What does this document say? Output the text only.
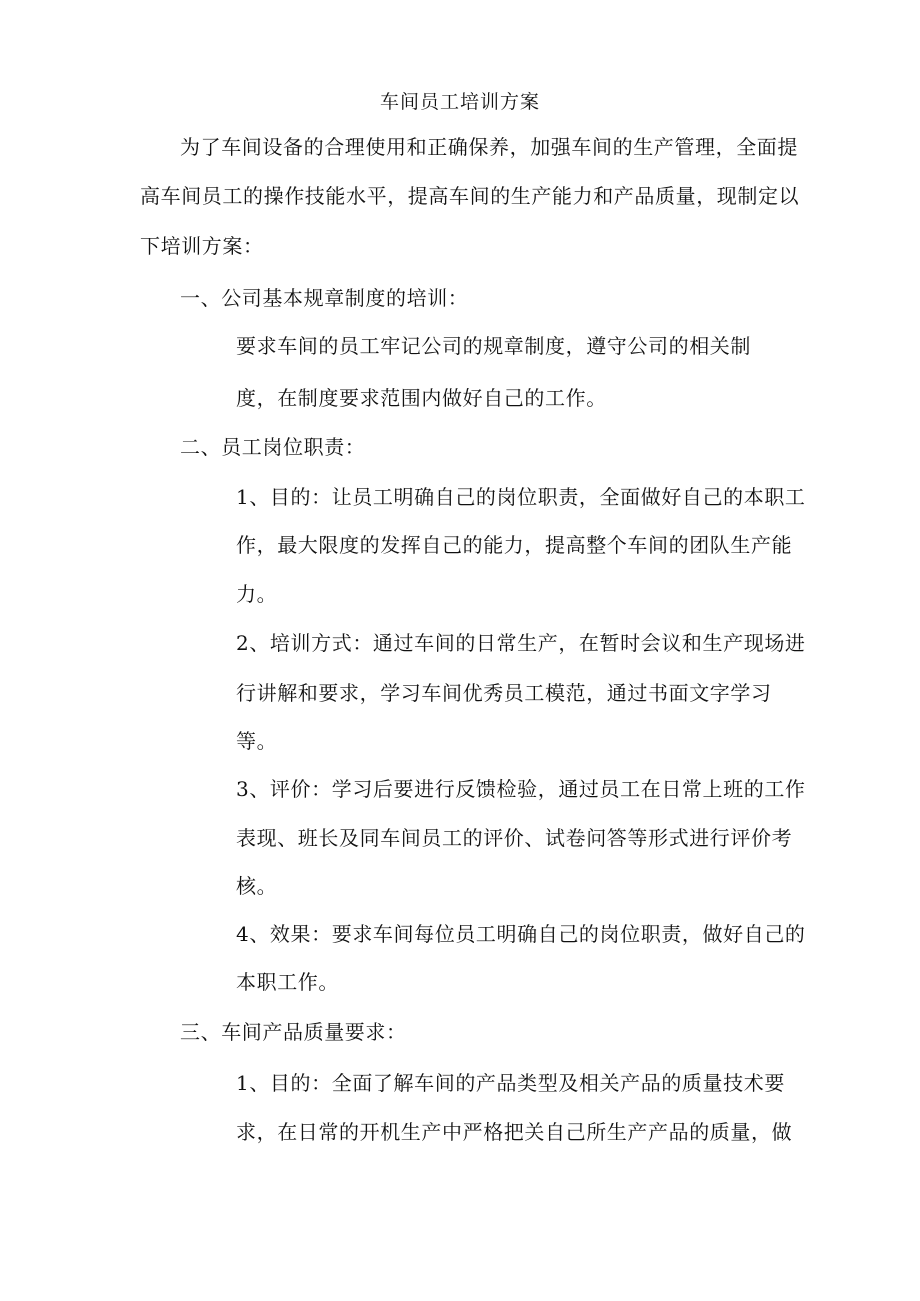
车间员工培训方案
为了车间设备的合理使用和正确保养，加强车间的生产管理，全面提
高车间员工的操作技能水平，提高车间的生产能力和产品质量，现制定以
下培训方案：
一、公司基本规章制度的培训：
要求车间的员工牢记公司的规章制度，遵守公司的相关制
度，在制度要求范围内做好自己的工作。
二、员工岗位职责：
1、目的：让员工明确自己的岗位职责，全面做好自己的本职工
作，最大限度的发挥自己的能力，提高整个车间的团队生产能
力。
2、培训方式：通过车间的日常生产，在暂时会议和生产现场进
行讲解和要求，学习车间优秀员工模范，通过书面文字学习
等。
3、评价：学习后要进行反馈检验，通过员工在日常上班的工作
表现、班长及同车间员工的评价、试卷问答等形式进行评价考
核。
4、效果：要求车间每位员工明确自己的岗位职责，做好自己的
本职工作。
三、车间产品质量要求：
1、目的：全面了解车间的产品类型及相关产品的质量技术要
求，在日常的开机生产中严格把关自己所生产产品的质量，做
